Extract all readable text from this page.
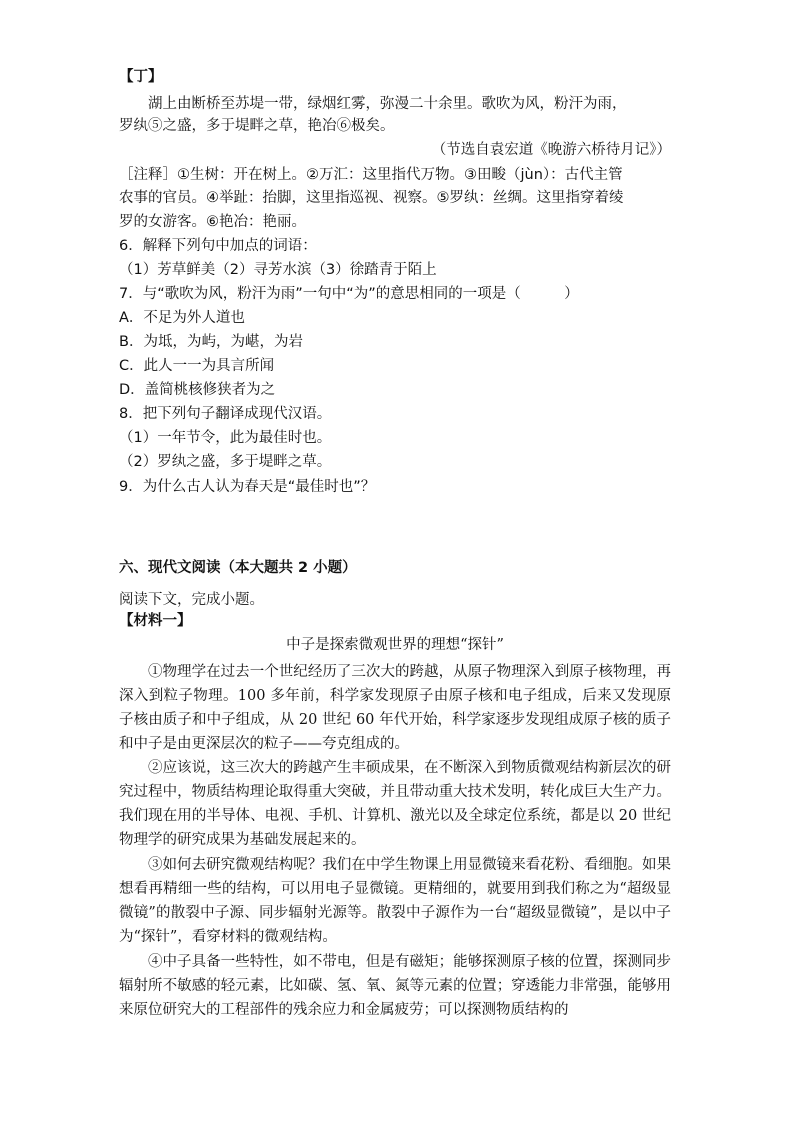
【丁】
湖上由断桥至苏堤一带，绿烟红雾，弥漫二十余里。歌吹为风，粉汗为雨，
罗纨⑤之盛，多于堤畔之草，艳冶⑥极矣。
（节选自袁宏道《晚游六桥待月记》）
［注释］①生树：开在树上。②万汇：这里指代万物。③田畯（jùn）：古代主管
农事的官员。④举趾：抬脚，这里指巡视、视察。⑤罗纨：丝绸。这里指穿着绫
罗的女游客。⑥艳冶：艳丽。
6．解释下列句中加点的词语：
（1）芳草鲜美（2）寻芳水滨（3）徐踏青于陌上
7．与“歌吹为风，粉汗为雨”一句中“为”的意思相同的一项是（　　　）
A．不足为外人道也
B．为坻，为屿，为嵁，为岩
C．此人一一为具言所闻
D．盖简桃核修狭者为之
8．把下列句子翻译成现代汉语。
（1）一年节令，此为最佳时也。
（2）罗纨之盛，多于堤畔之草。
9．为什么古人认为春天是“最佳时也”？
六、现代文阅读（本大题共 2 小题）
阅读下文，完成小题。
【材料一】
中子是探索微观世界的理想“探针”
①物理学在过去一个世纪经历了三次大的跨越，从原子物理深入到原子核物理，再深入到粒子物理。100 多年前，科学家发现原子由原子核和电子组成，后来又发现原子核由质子和中子组成，从 20 世纪 60 年代开始，科学家逐步发现组成原子核的质子和中子是由更深层次的粒子——夸克组成的。
②应该说，这三次大的跨越产生丰硕成果，在不断深入到物质微观结构新层次的研究过程中，物质结构理论取得重大突破，并且带动重大技术发明，转化成巨大生产力。我们现在用的半导体、电视、手机、计算机、激光以及全球定位系统，都是以 20 世纪物理学的研究成果为基础发展起来的。
③如何去研究微观结构呢？我们在中学生物课上用显微镜来看花粉、看细胞。如果想看再精细一些的结构，可以用电子显微镜。更精细的，就要用到我们称之为“超级显微镜”的散裂中子源、同步辐射光源等。散裂中子源作为一台“超级显微镜”，是以中子为“探针”，看穿材料的微观结构。
④中子具备一些特性，如不带电，但是有磁矩；能够探测原子核的位置，探测同步辐射所不敏感的轻元素，比如碳、氢、氧、氮等元素的位置；穿透能力非常强，能够用来原位研究大的工程部件的残余应力和金属疲劳；可以探测物质结构的
